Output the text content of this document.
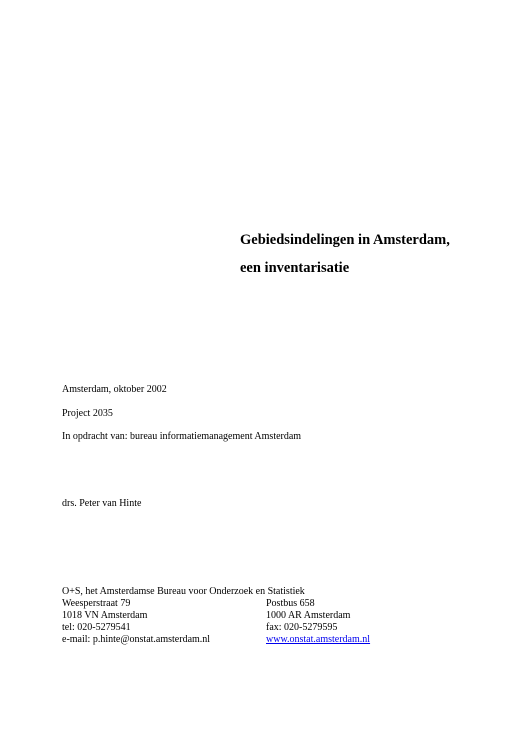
Gebiedsindelingen in Amsterdam,
een inventarisatie
Amsterdam, oktober 2002
Project 2035
In opdracht van: bureau informatiemanagement Amsterdam
drs. Peter van Hinte
O+S, het Amsterdamse Bureau voor Onderzoek en Statistiek
Weesperstraat 79	Postbus 658
1018 VN Amsterdam	1000 AR Amsterdam
tel: 020-5279541	fax: 020-5279595
e-mail: p.hinte@onstat.amsterdam.nl	www.onstat.amsterdam.nl
